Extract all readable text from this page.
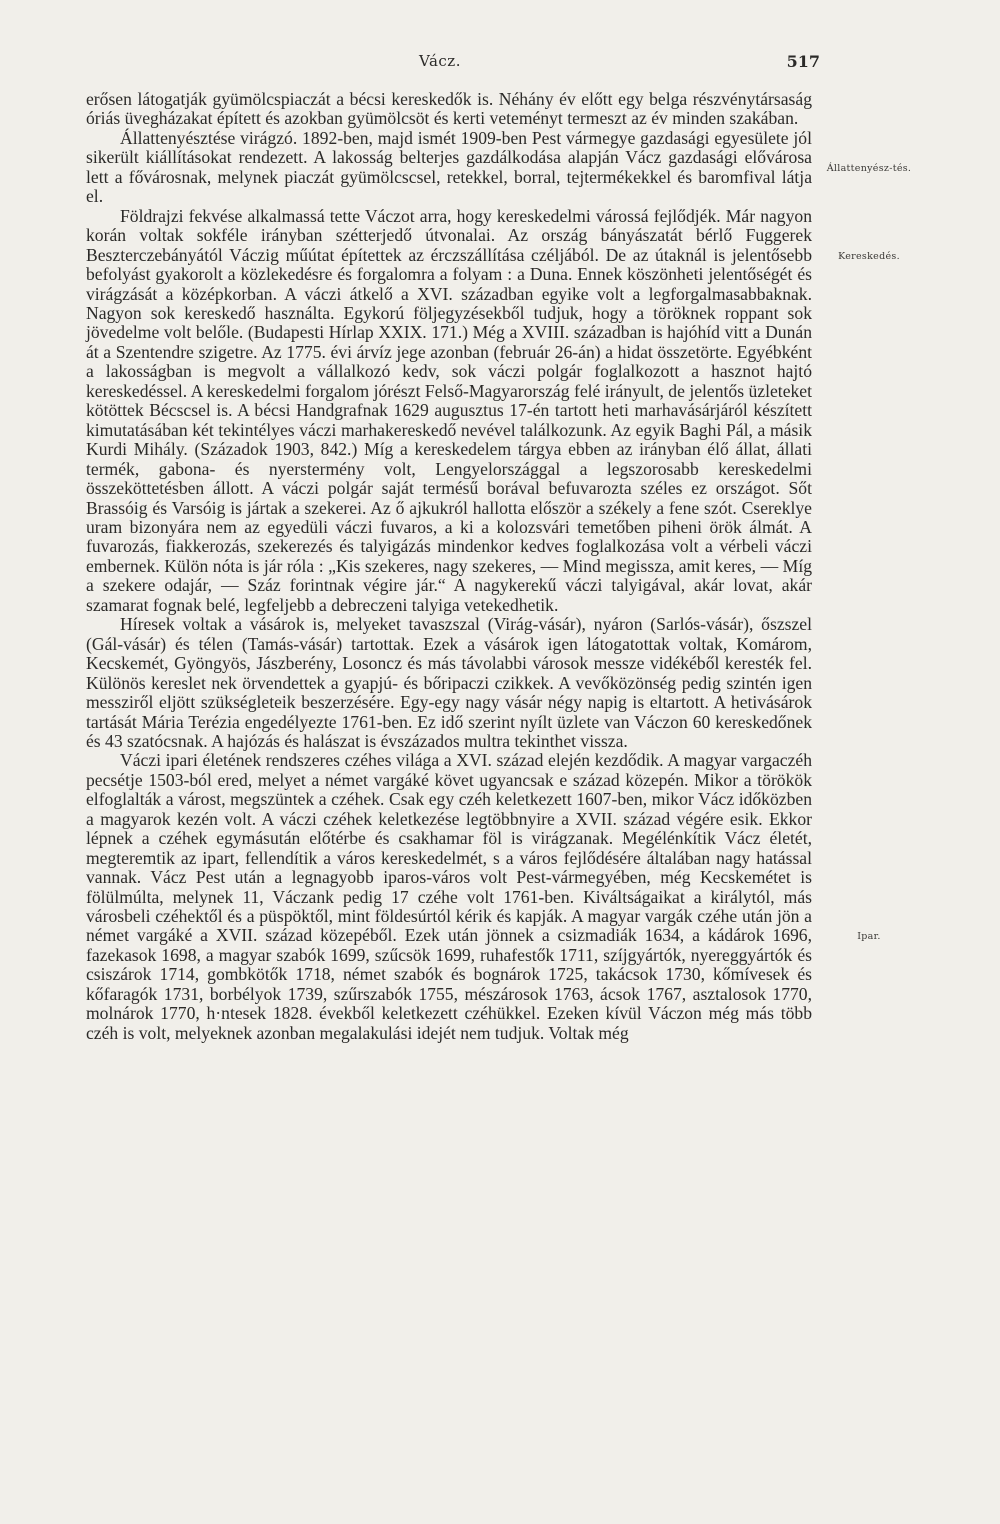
Vácz.	517
Állattenyész-tés.
Kereskedés.
Ipar.

erősen látogatják gyümölcspiaczát a bécsi kereskedők is. Néhány év előtt egy belga részvénytársaság óriás üvegházakat épített és azokban gyümölcsöt és kerti veteményt termeszt az év minden szakában.

Állattenyésztése virágzó. 1892-ben, majd ismét 1909-ben Pest vármegye gazdasági egyesülete jól sikerült kiállításokat rendezett. A lakosság belterjes gazdálkodása alapján Vácz gazdasági elővárosa lett a fővárosnak, melynek piaczát gyümölcscsel, retekkel, borral, tejtermékekkel és baromfival látja el.

Földrajzi fekvése alkalmassá tette Váczot arra, hogy kereskedelmi várossá fejlődjék. Már nagyon korán voltak sokféle irányban szétterjedő útvonalai. Az ország bányászatát bérlő Fuggerek Beszterczebányától Váczig műútat építettek az érczszállítása czéljából. De az útaknál is jelentősebb befolyást gyakorolt a közlekedésre és forgalomra a folyam : a Duna. Ennek köszönheti jelentőségét és virágzását a középkorban. A váczi átkelő a XVI. században egyike volt a legforgalmasabbaknak. Nagyon sok kereskedő használta. Egykorú följegyzésekből tudjuk, hogy a töröknek roppant sok jövedelme volt belőle. (Budapesti Hírlap XXIX. 171.) Még a XVIII. században is hajóhíd vitt a Dunán át a Szentendre szigetre. Az 1775. évi árvíz jege azonban (február 26-án) a hidat összetörte. Egyébként a lakosságban is megvolt a vállalkozó kedv, sok váczi polgár foglalkozott a hasznot hajtó kereskedéssel. A kereskedelmi forgalom jórészt Felső-Magyarország felé irányult, de jelentős üzleteket kötöttek Bécscsel is. A bécsi Handgrafnak 1629 augusztus 17-én tartott heti marhavásárjáról készített kimutatásában két tekintélyes váczi marhakereskedő nevével találkozunk. Az egyik Baghi Pál, a másik Kurdi Mihály. (Századok 1903, 842.) Míg a kereskedelem tárgya ebben az irányban élő állat, állati termék, gabona- és nyerstermény volt, Lengyelországgal a legszorosabb kereskedelmi összeköttetésben állott. A váczi polgár saját termésű borával befuvarozta széles ez országot. Sőt Brassóig és Varsóig is jártak a szekerei. Az ő ajkukról hallotta először a székely a fene szót. Csereklye uram bizonyára nem az egyedüli váczi fuvaros, a ki a kolozsvári temetőben piheni örök álmát. A fuvarozás, fiakkerozás, szekerezés és talyigázás mindenkor kedves foglalkozása volt a vérbeli váczi embernek. Külön nóta is jár róla : „Kis szekeres, nagy szekeres, — Mind megissza, amit keres, — Míg a szekere odajár, — Száz forintnak végire jár.“ A nagykerekű váczi talyigával, akár lovat, akár szamarat fognak belé, legfeljebb a debreczeni talyiga vetekedhetik.

Híresek voltak a vásárok is, melyeket tavaszszal (Virág-vásár), nyáron (Sarlós-vásár), őszszel (Gál-vásár) és télen (Tamás-vásár) tartottak. Ezek a vásárok igen látogatottak voltak, Komárom, Kecskemét, Gyöngyös, Jászberény, Losoncz és más távolabbi városok messze vidékéből keresték fel. Különös kereslet nek örvendettek a gyapjú- és bőripaczi czikkek. A vevőközönség pedig szintén igen messziről eljött szükségleteik beszerzésére. Egy-egy nagy vásár négy napig is eltartott. A hetivásárok tartását Mária Terézia engedélyezte 1761-ben. Ez idő szerint nyílt üzlete van Váczon 60 kereskedőnek és 43 szatócsnak. A hajózás és halászat is évszázados multra tekinthet vissza.

Váczi ipari életének rendszeres czéhes világa a XVI. század elején kezdődik. A magyar vargaczéh pecsétje 1503-ból ered, melyet a német vargáké követ ugyancsak e század közepén. Mikor a törökök elfoglalták a várost, megszüntek a czéhek. Csak egy czéh keletkezett 1607-ben, mikor Vácz időközben a magyarok kezén volt. A váczi czéhek keletkezése legtöbbnyire a XVII. század végére esik. Ekkor lépnek a czéhek egymásután előtérbe és csakhamar föl is virágzanak. Megélénkítik Vácz életét, megteremtik az ipart, fellendítik a város kereskedelmét, s a város fejlődésére általában nagy hatással vannak. Vácz Pest után a legnagyobb iparos-város volt Pest-vármegyében, még Kecskemétet is fölülmúlta, melynek 11, Váczank pedig 17 czéhe volt 1761-ben. Kiváltságaikat a királytól, más városbeli czéhektől és a püspöktől, mint földesúrtól kérik és kapják. A magyar vargák czéhe után jön a német vargáké a XVII. század közepéből. Ezek után jönnek a csizmadiák 1634, a kádárok 1696, fazekasok 1698, a magyar szabók 1699, szűcsök 1699, ruhafestők 1711, szíjgyártók, nyereggyártók és csiszárok 1714, gombkötők 1718, német szabók és bognárok 1725, takácsok 1730, kőmívesek és kőfaragók 1731, borbélyok 1739, szűrszabók 1755, mészárosok 1763, ácsok 1767, asztalosok 1770, molnárok 1770, h·ntesek 1828. évekből keletkezett czéhükkel. Ezeken kívül Váczon még más több czéh is volt, melyeknek azonban megalakulási idejét nem tudjuk. Voltak még
